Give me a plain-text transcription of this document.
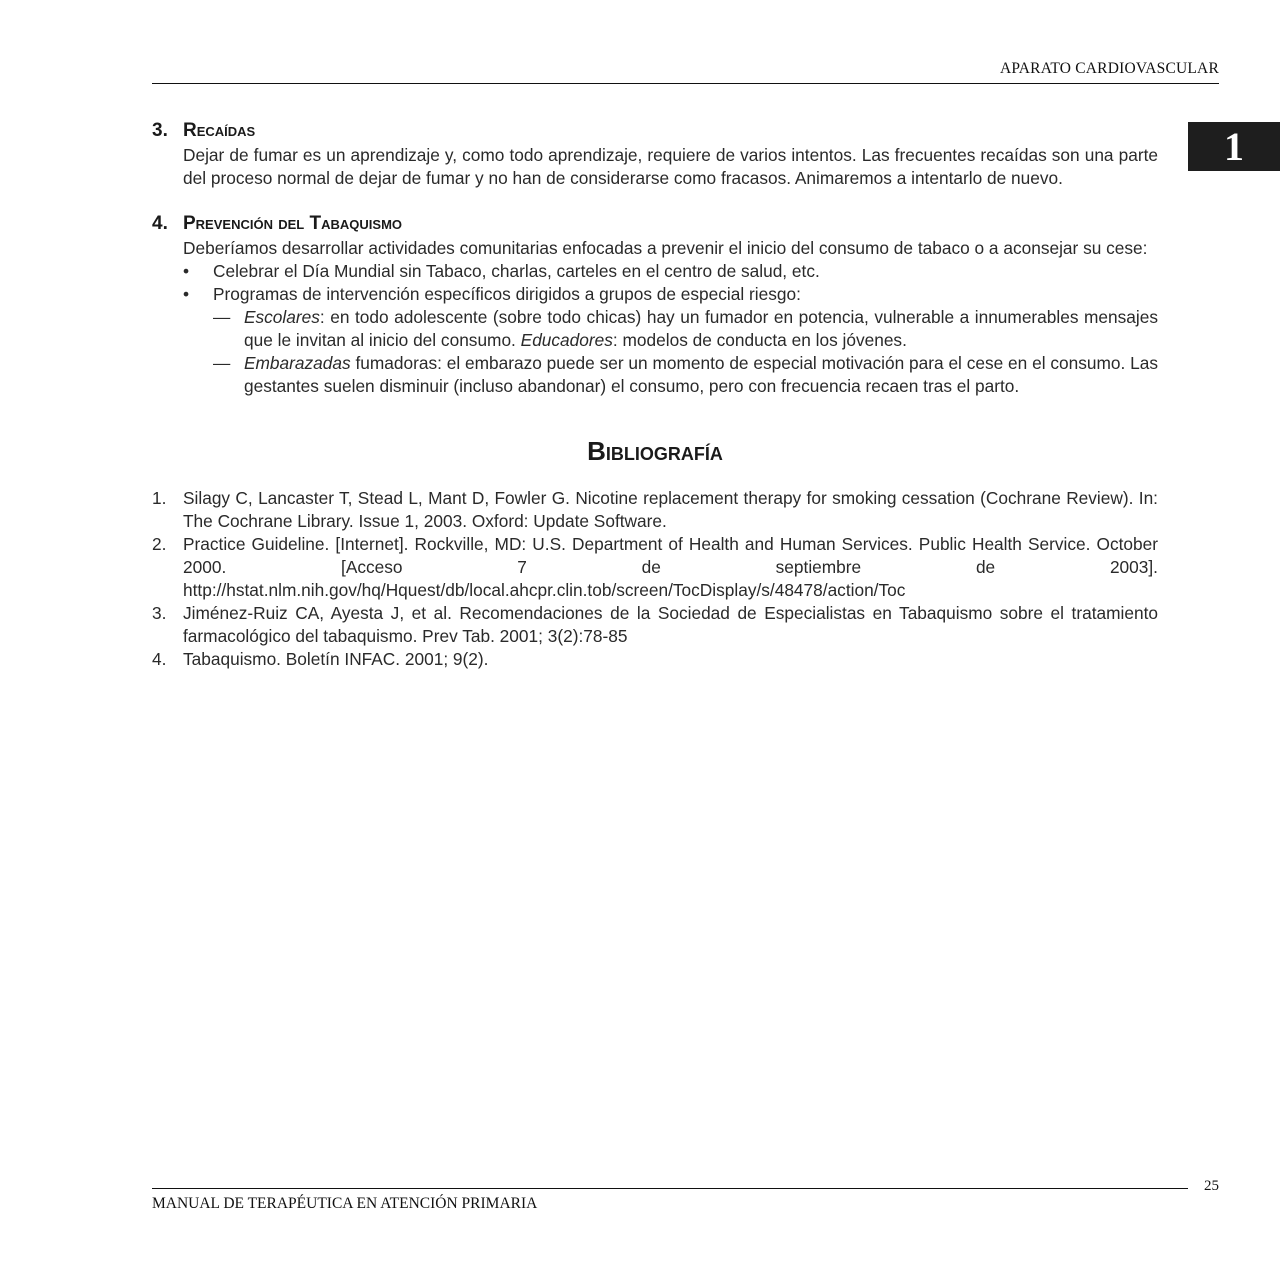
APARATO CARDIOVASCULAR
1
3. Recaídas

Dejar de fumar es un aprendizaje y, como todo aprendizaje, requiere de varios intentos. Las frecuentes recaídas son una parte del proceso normal de dejar de fumar y no han de considerarse como fracasos. Animaremos a intentarlo de nuevo.

4. Prevención del Tabaquismo

Deberíamos desarrollar actividades comunitarias enfocadas a prevenir el inicio del consumo de tabaco o a aconsejar su cese:

• Celebrar el Día Mundial sin Tabaco, charlas, carteles en el centro de salud, etc.
• Programas de intervención específicos dirigidos a grupos de especial riesgo:
— Escolares: en todo adolescente (sobre todo chicas) hay un fumador en potencia, vulnerable a innumerables mensajes que le invitan al inicio del consumo. Educadores: modelos de conducta en los jóvenes.
— Embarazadas fumadoras: el embarazo puede ser un momento de especial motivación para el cese en el consumo. Las gestantes suelen disminuir (incluso abandonar) el consumo, pero con frecuencia recaen tras el parto.
Bibliografía
1. Silagy C, Lancaster T, Stead L, Mant D, Fowler G. Nicotine replacement therapy for smoking cessation (Cochrane Review). In: The Cochrane Library. Issue 1, 2003. Oxford: Update Software.
2. Practice Guideline. [Internet]. Rockville, MD: U.S. Department of Health and Human Services. Public Health Service. October 2000. [Acceso 7 de septiembre de 2003]. http://hstat.nlm.nih.gov/hq/Hquest/db/local.ahcpr.clin.tob/screen/TocDisplay/s/48478/action/Toc
3. Jiménez-Ruiz CA, Ayesta J, et al. Recomendaciones de la Sociedad de Especialistas en Tabaquismo sobre el tratamiento farmacológico del tabaquismo. Prev Tab. 2001; 3(2):78-85
4. Tabaquismo. Boletín INFAC. 2001; 9(2).
25
MANUAL DE TERAPÉUTICA EN ATENCIÓN PRIMARIA
